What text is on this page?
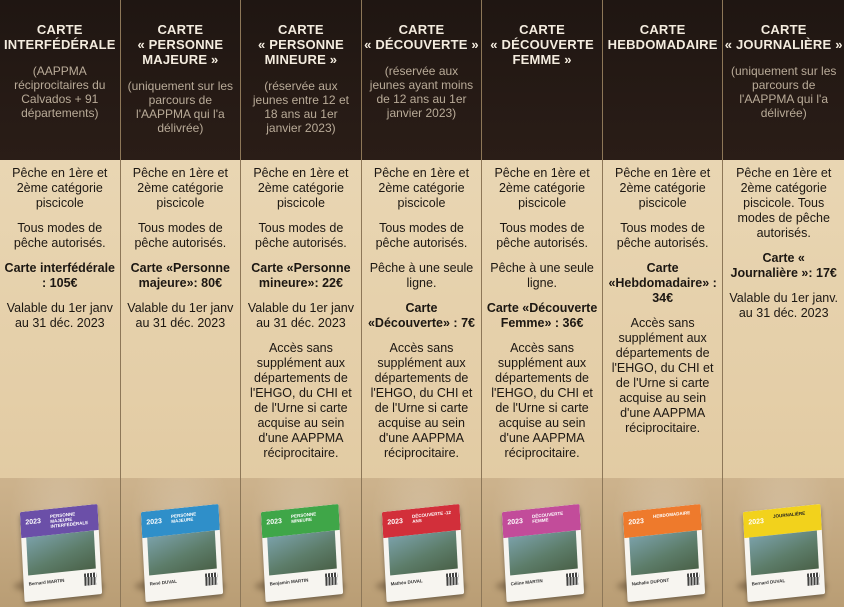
CARTE
INTERFÉDÉRALE
(AAPPMA réciprocitaires du Calvados + 91 départements)

Pêche en 1ère et 2ème catégorie piscicole

Tous modes de pêche autorisés.

Carte interfédérale : 105€

Valable du 1er janv au 31 déc. 2023

2023
PERSONNE MAJEURE INTERFÉDÉRALE
Bernard MARTIN
CARTE
« PERSONNE MAJEURE »
(uniquement sur les parcours de l'AAPPMA qui l'a délivrée)

Pêche en 1ère et 2ème catégorie piscicole

Tous modes de pêche autorisés.

Carte «Personne majeure»: 80€

Valable du 1er janv au 31 déc. 2023

2023
PERSONNE MAJEURE
René DUVAL
CARTE
« PERSONNE MINEURE »
(réservée aux jeunes entre 12 et 18 ans au 1er janvier 2023)

Pêche en 1ère et 2ème catégorie piscicole

Tous modes de pêche autorisés.

Carte «Personne mineure»: 22€

Valable du 1er janv au 31 déc. 2023

Accès sans supplément aux départements de l'EHGO, du CHI et de l'Urne si carte acquise au sein d'une AAPPMA réciprocitaire.

2023
PERSONNE MINEURE
Benjamin MARTIN
CARTE
« DÉCOUVERTE »
(réservée aux jeunes ayant moins de 12 ans au 1er janvier 2023)

Pêche en 1ère et 2ème catégorie piscicole

Tous modes de pêche autorisés.

Pêche à une seule ligne.

Carte «Découverte» : 7€

Accès sans supplément aux départements de l'EHGO, du CHI et de l'Urne si carte acquise au sein d'une AAPPMA réciprocitaire.

2023
DÉCOUVERTE -12 ANS
Mathéo DUVAL
CARTE
« DÉCOUVERTE FEMME »

Pêche en 1ère et 2ème catégorie piscicole

Tous modes de pêche autorisés.

Pêche à une seule ligne.

Carte «Découverte Femme» : 36€

Accès sans supplément aux départements de l'EHGO, du CHI et de l'Urne si carte acquise au sein d'une AAPPMA réciprocitaire.

2023
DÉCOUVERTE FEMME
Céline MARTIN
CARTE
HEBDOMADAIRE

Pêche en 1ère et 2ème catégorie piscicole

Tous modes de pêche autorisés.

Carte «Hebdomadaire» : 34€

Accès sans supplément aux départements de l'EHGO, du CHI et de l'Urne si carte acquise au sein d'une AAPPMA réciprocitaire.

2023
HEBDOMADAIRE
Nathalie DUPONT
CARTE
« JOURNALIÈRE »
(uniquement sur les parcours de l'AAPPMA qui l'a délivrée)

Pêche en 1ère et 2ème catégorie piscicole. Tous modes de pêche autorisés.

Carte « Journalière »: 17€

Valable du 1er janv. au 31 déc. 2023

2023
JOURNALIÈRE
Bernard DUVAL
